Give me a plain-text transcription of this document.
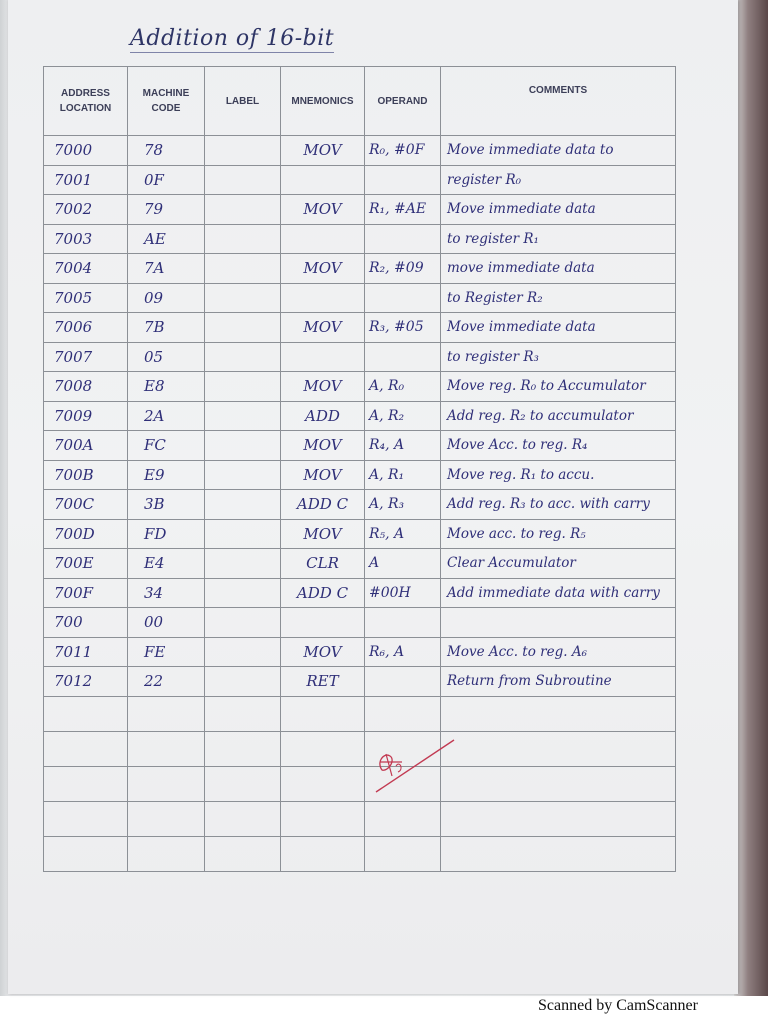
Addition of 16-bit
ADDRESS LOCATION	MACHINE CODE	LABEL	MNEMONICS	OPERAND	COMMENTS
7000	78		MOV	R₀, #0F	Move immediate data to
7001	0F				register R₀
7002	79		MOV	R₁, #AE	Move immediate data
7003	AE				to register R₁
7004	7A		MOV	R₂, #09	move immediate data
7005	09				to Register R₂
7006	7B		MOV	R₃, #05	Move immediate data
7007	05				to register R₃
7008	E8		MOV	A, R₀	Move reg. R₀ to Accumulator
7009	2A		ADD	A, R₂	Add reg. R₂ to accumulator
700A	FC		MOV	R₄, A	Move Acc. to reg. R₄
700B	E9		MOV	A, R₁	Move reg. R₁ to accu.
700C	3B		ADD C	A, R₃	Add reg. R₃ to acc. with carry
700D	FD		MOV	R₅, A	Move acc. to reg. R₅
700E	E4		CLR	A	Clear Accumulator
700F	34		ADD C	#00H	Add immediate data with carry
700	00				
7011	FE		MOV	R₆, A	Move Acc. to reg. A₆
7012	22		RET		Return from Subroutine

Scanned by CamScanner
